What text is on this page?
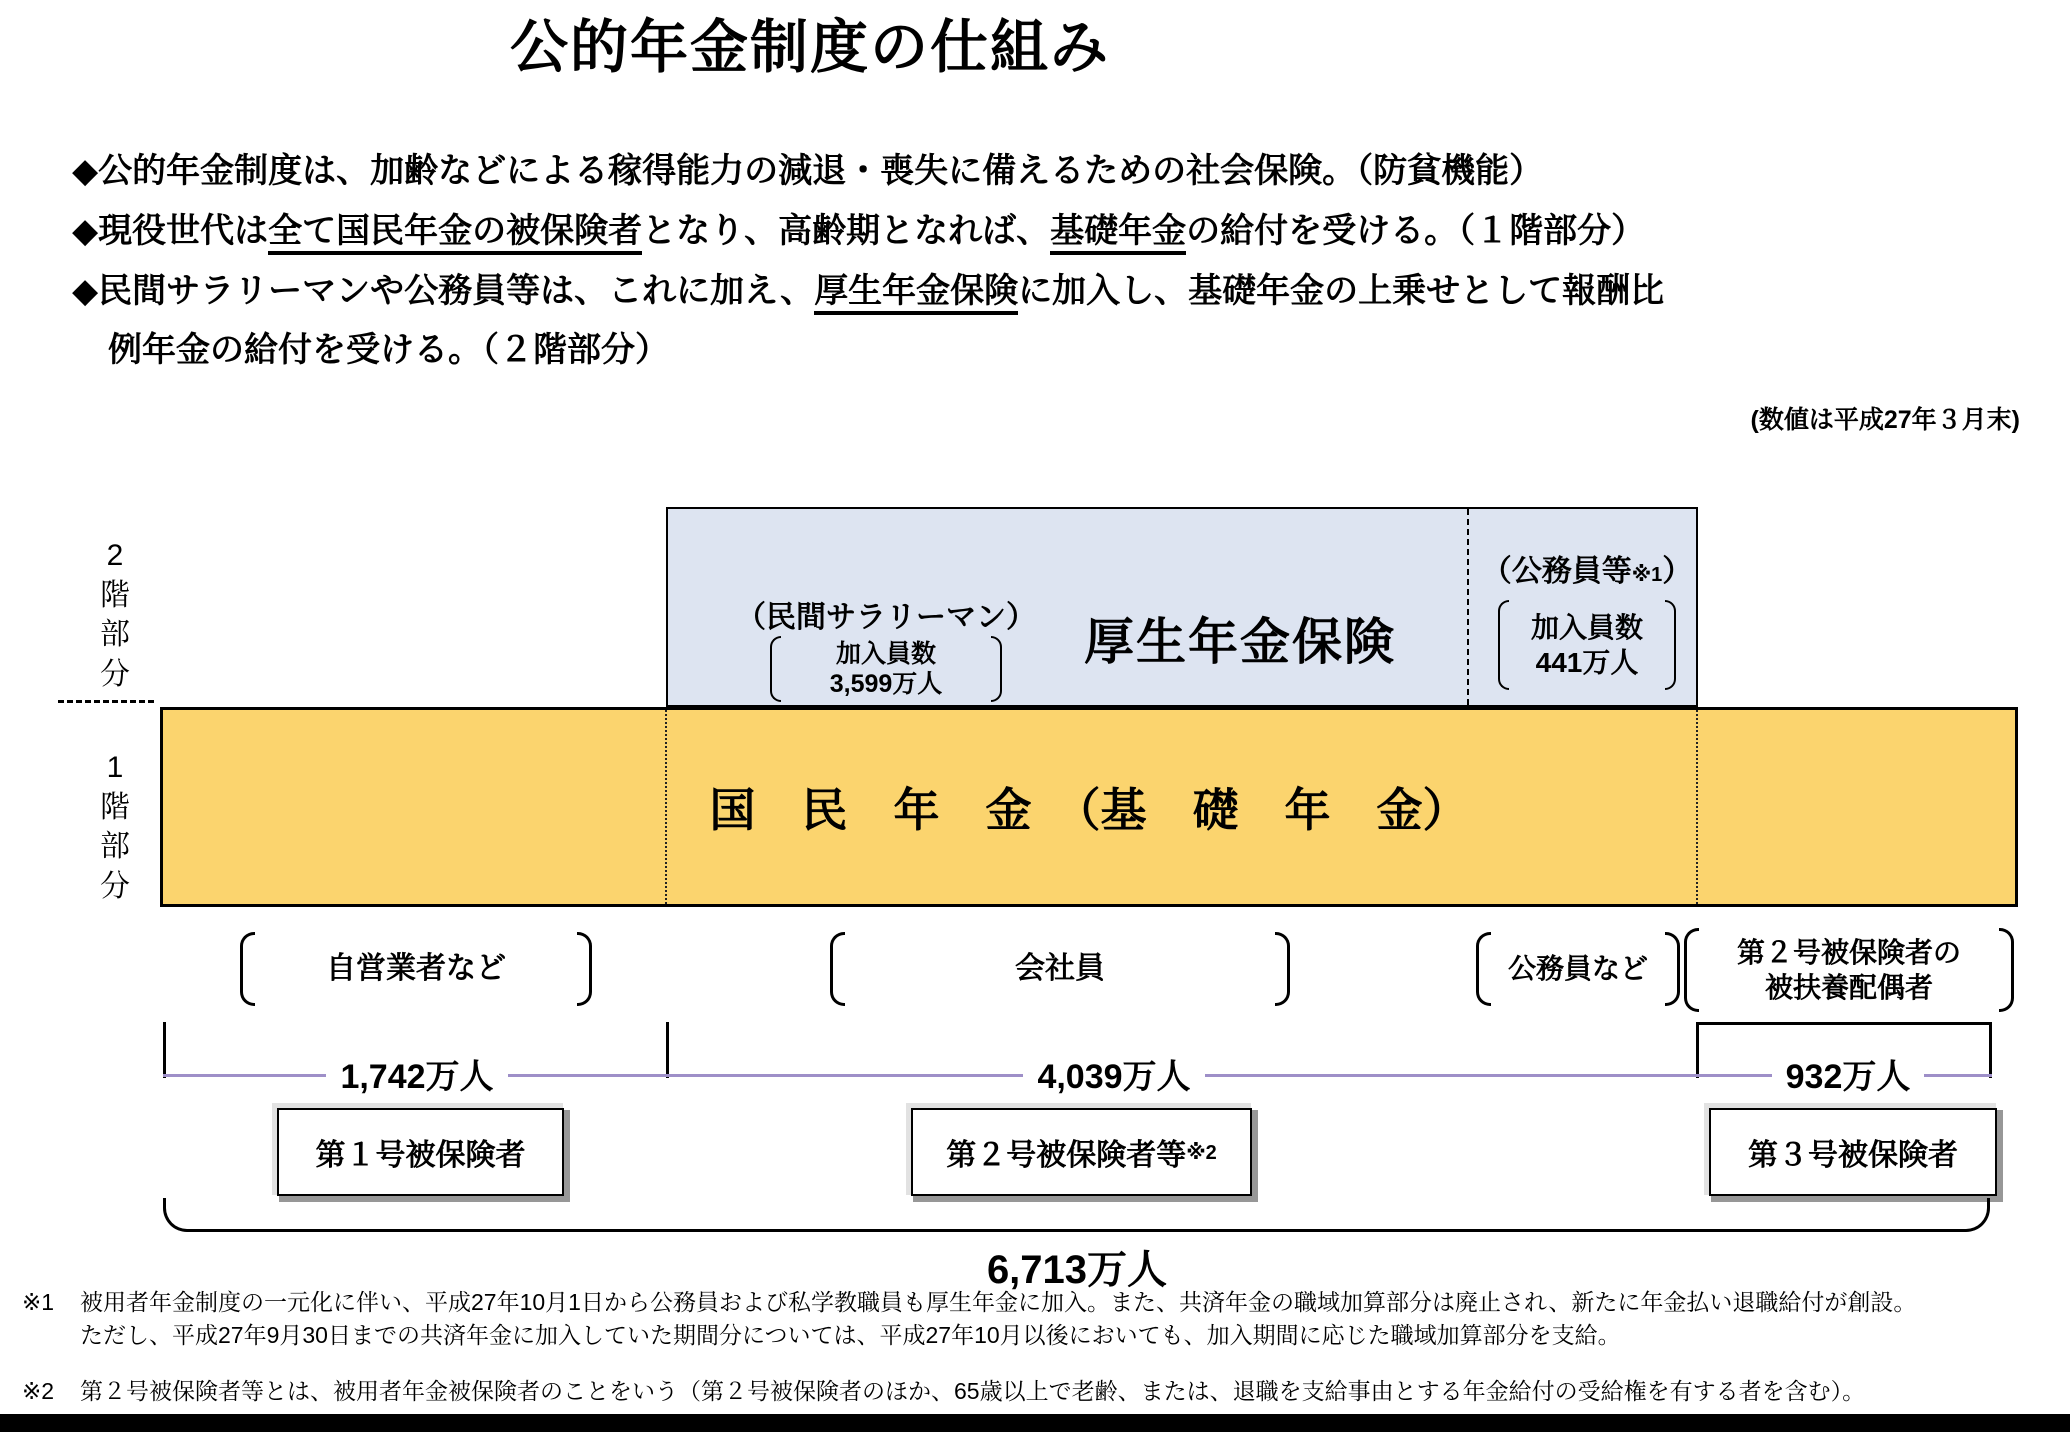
公的年金制度の仕組み
◆公的年金制度は、加齢などによる稼得能力の減退・喪失に備えるための社会保険。（防貧機能）
◆現役世代は全て国民年金の被保険者となり、高齢期となれば、基礎年金の給付を受ける。（１階部分）
◆民間サラリーマンや公務員等は、これに加え、厚生年金保険に加入し、基礎年金の上乗せとして報酬比
例年金の給付を受ける。（２階部分）
(数値は平成27年３月末)
2階部分
1階部分
（民間サラリーマン）
加入員数
3,599万人
厚生年金保険
（公務員等※1）
加入員数
441万人
国　民　年　金　（基　礎　年　金）
自営業者など	会社員	公務員など
第２号被保険者の
被扶養配偶者
1,742万人	4,039万人	932万人
第１号被保険者	第２号被保険者等 ※2	第３号被保険者
6,713万人
※1	被用者年金制度の一元化に伴い、平成27年10月1日から公務員および私学教職員も厚生年金に加入。また、共済年金の職域加算部分は廃止され、新たに年金払い退職給付が創設。
ただし、平成27年9月30日までの共済年金に加入していた期間分については、平成27年10月以後においても、加入期間に応じた職域加算部分を支給。
※2	第２号被保険者等とは、被用者年金被保険者のことをいう（第２号被保険者のほか、65歳以上で老齢、または、退職を支給事由とする年金給付の受給権を有する者を含む）。
